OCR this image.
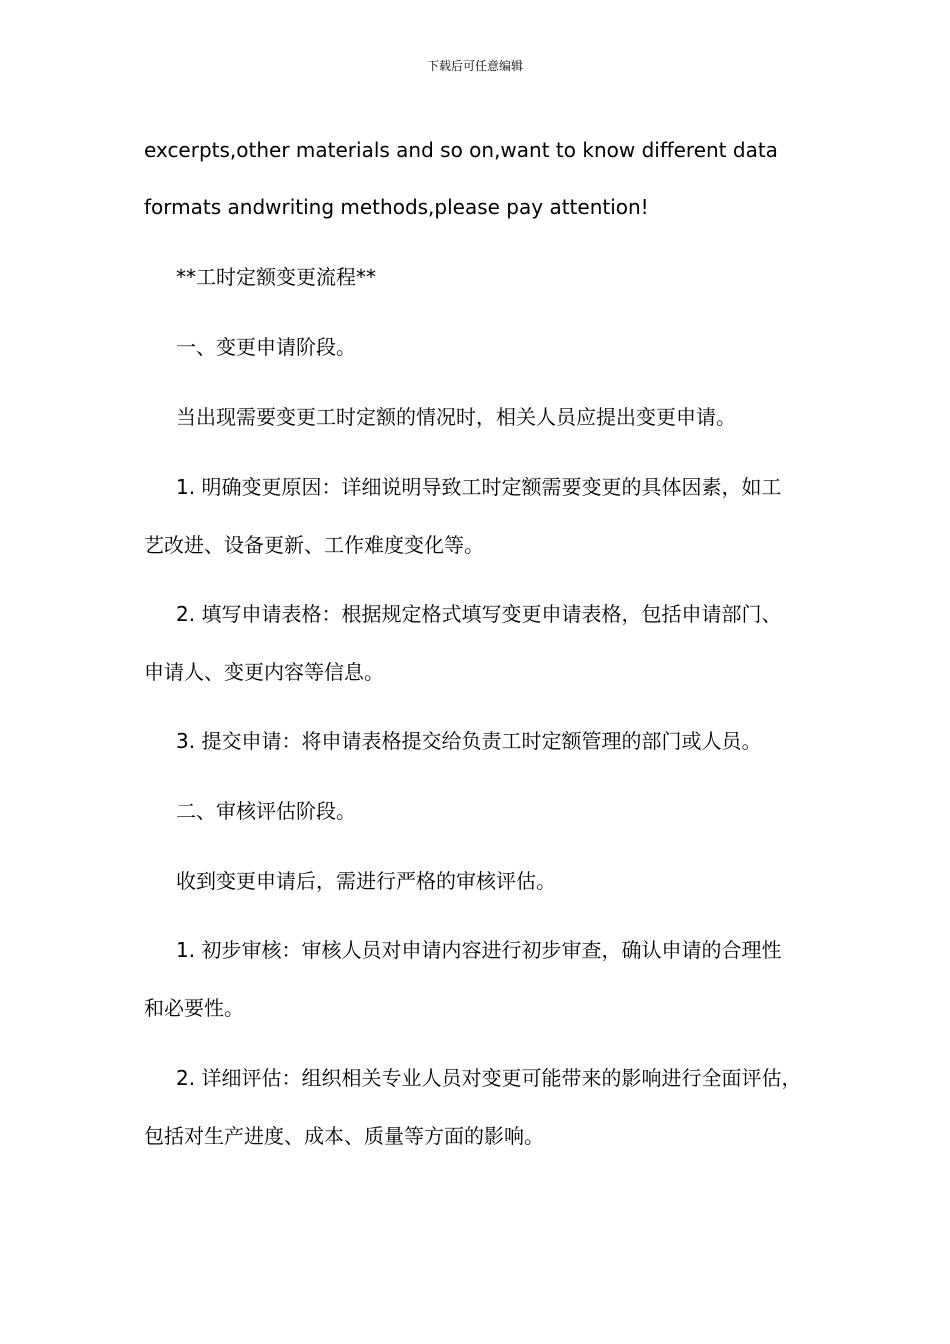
下载后可任意编辑
excerpts,other materials and so on,want to know different data
formats andwriting methods,please pay attention!
**工时定额变更流程**
一、变更申请阶段。
当出现需要变更工时定额的情况时，相关人员应提出变更申请。
1. 明确变更原因：详细说明导致工时定额需要变更的具体因素，如工
艺改进、设备更新、工作难度变化等。
2. 填写申请表格：根据规定格式填写变更申请表格，包括申请部门、
申请人、变更内容等信息。
3. 提交申请：将申请表格提交给负责工时定额管理的部门或人员。
二、审核评估阶段。
收到变更申请后，需进行严格的审核评估。
1. 初步审核：审核人员对申请内容进行初步审查，确认申请的合理性
和必要性。
2. 详细评估：组织相关专业人员对变更可能带来的影响进行全面评估，
包括对生产进度、成本、质量等方面的影响。
